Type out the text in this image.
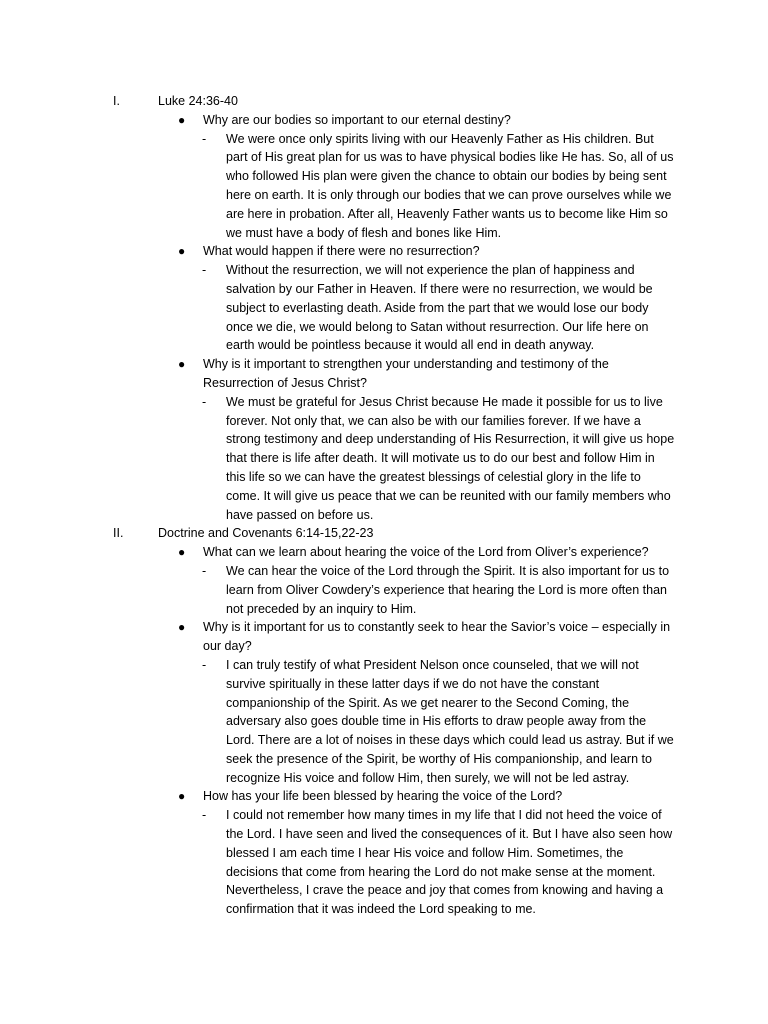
I.	Luke 24:36-40
● Why are our bodies so important to our eternal destiny?
- We were once only spirits living with our Heavenly Father as His children. But part of His great plan for us was to have physical bodies like He has. So, all of us who followed His plan were given the chance to obtain our bodies by being sent here on earth. It is only through our bodies that we can prove ourselves while we are here in probation. After all, Heavenly Father wants us to become like Him so we must have a body of flesh and bones like Him.
● What would happen if there were no resurrection?
- Without the resurrection, we will not experience the plan of happiness and salvation by our Father in Heaven. If there were no resurrection, we would be subject to everlasting death. Aside from the part that we would lose our body once we die, we would belong to Satan without resurrection. Our life here on earth would be pointless because it would all end in death anyway.
● Why is it important to strengthen your understanding and testimony of the Resurrection of Jesus Christ?
- We must be grateful for Jesus Christ because He made it possible for us to live forever. Not only that, we can also be with our families forever. If we have a strong testimony and deep understanding of His Resurrection, it will give us hope that there is life after death. It will motivate us to do our best and follow Him in this life so we can have the greatest blessings of celestial glory in the life to come. It will give us peace that we can be reunited with our family members who have passed on before us.
II.	Doctrine and Covenants 6:14-15,22-23
● What can we learn about hearing the voice of the Lord from Oliver’s experience?
- We can hear the voice of the Lord through the Spirit. It is also important for us to learn from Oliver Cowdery’s experience that hearing the Lord is more often than not preceded by an inquiry to Him.
● Why is it important for us to constantly seek to hear the Savior’s voice – especially in our day?
- I can truly testify of what President Nelson once counseled, that we will not survive spiritually in these latter days if we do not have the constant companionship of the Spirit. As we get nearer to the Second Coming, the adversary also goes double time in His efforts to draw people away from the Lord. There are a lot of noises in these days which could lead us astray. But if we seek the presence of the Spirit, be worthy of His companionship, and learn to recognize His voice and follow Him, then surely, we will not be led astray.
● How has your life been blessed by hearing the voice of the Lord?
- I could not remember how many times in my life that I did not heed the voice of the Lord. I have seen and lived the consequences of it. But I have also seen how blessed I am each time I hear His voice and follow Him. Sometimes, the decisions that come from hearing the Lord do not make sense at the moment. Nevertheless, I crave the peace and joy that comes from knowing and having a confirmation that it was indeed the Lord speaking to me.
